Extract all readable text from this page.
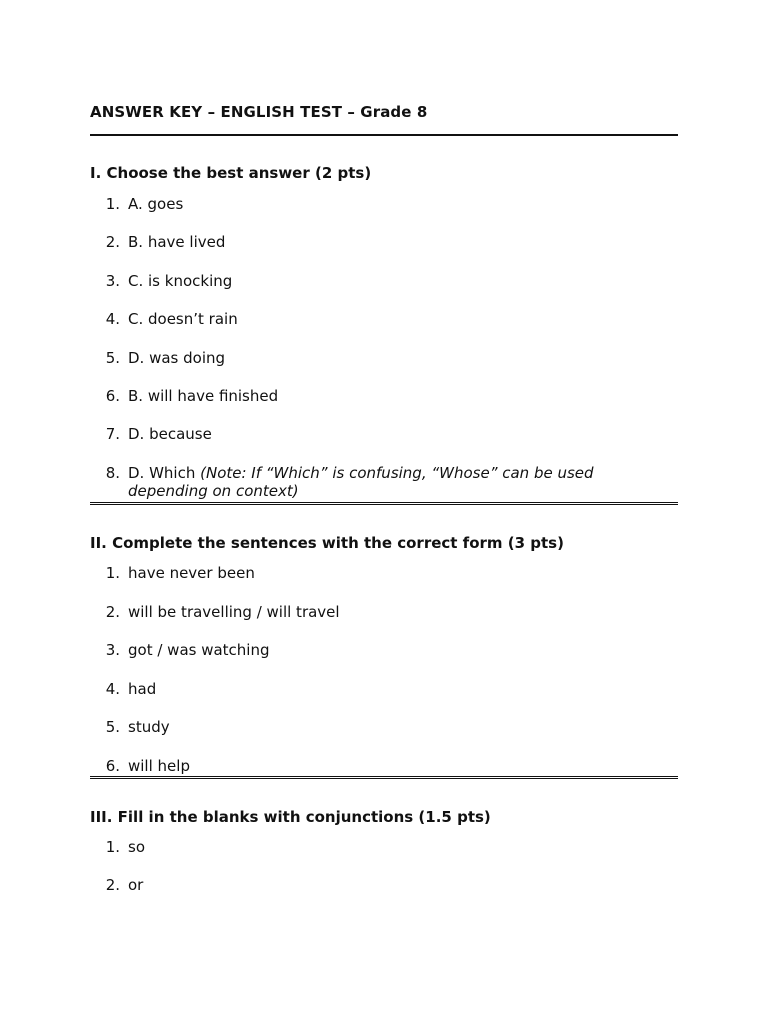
ANSWER KEY – ENGLISH TEST – Grade 8
I. Choose the best answer (2 pts)
1. A. goes
2. B. have lived
3. C. is knocking
4. C. doesn’t rain
5. D. was doing
6. B. will have finished
7. D. because
8. D. Which (Note: If “Which” is confusing, “Whose” can be used depending on context)
II. Complete the sentences with the correct form (3 pts)
1. have never been
2. will be travelling / will travel
3. got / was watching
4. had
5. study
6. will help
III. Fill in the blanks with conjunctions (1.5 pts)
1. so
2. or
